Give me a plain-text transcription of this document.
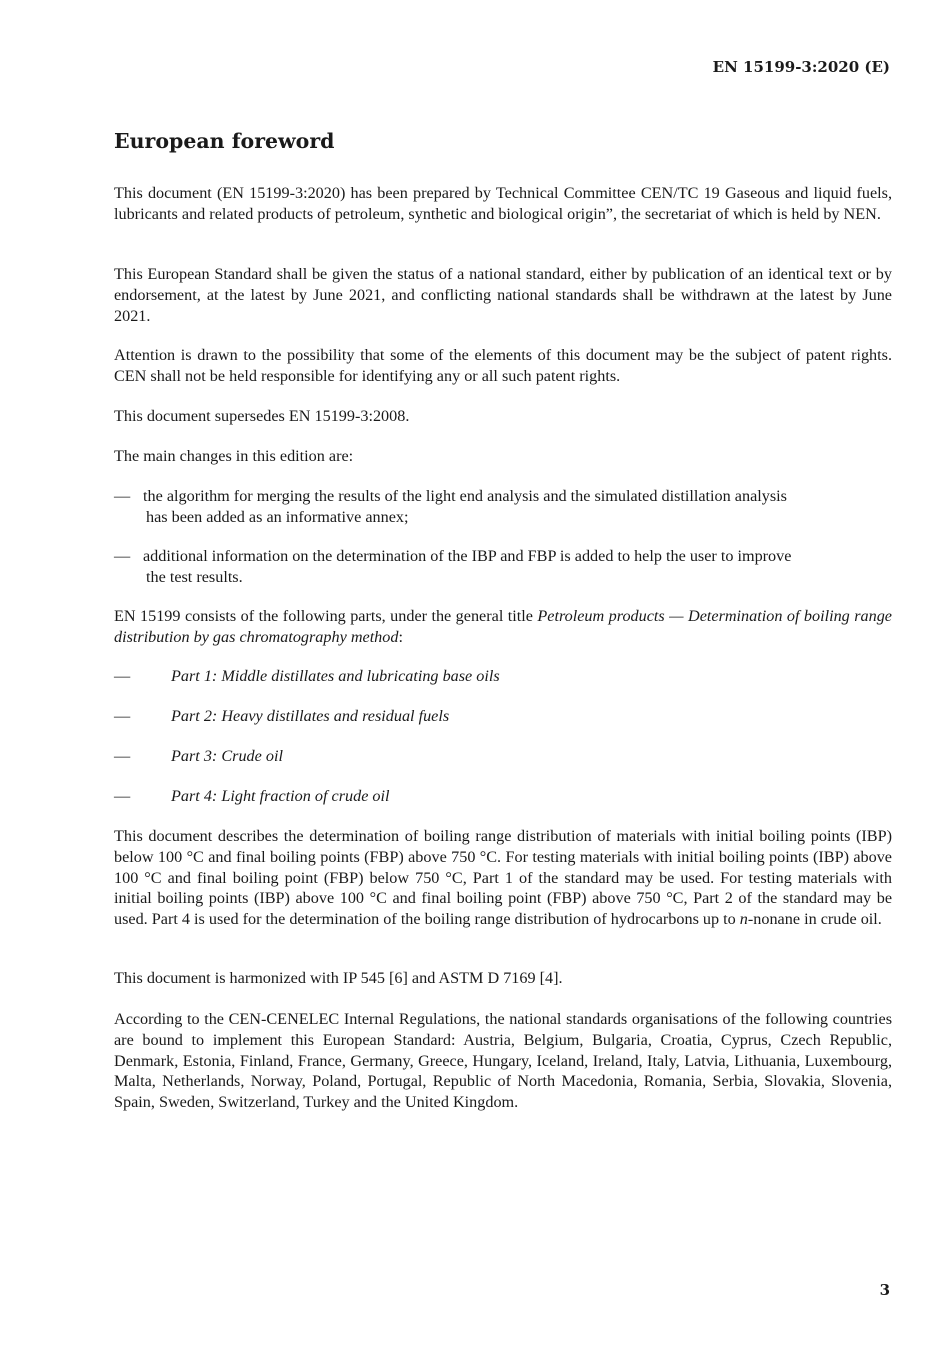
EN 15199-3:2020 (E)
European foreword

This document (EN 15199-3:2020) has been prepared by Technical Committee CEN/TC 19 Gaseous and liquid fuels, lubricants and related products of petroleum, synthetic and biological origin”, the secretariat of which is held by NEN.

This European Standard shall be given the status of a national standard, either by publication of an identical text or by endorsement, at the latest by June 2021, and conflicting national standards shall be withdrawn at the latest by June 2021.

Attention is drawn to the possibility that some of the elements of this document may be the subject of patent rights. CEN shall not be held responsible for identifying any or all such patent rights.

This document supersedes EN 15199-3:2008.

The main changes in this edition are:

— the algorithm for merging the results of the light end analysis and the simulated distillation analysis
has been added as an informative annex;
— additional information on the determination of the IBP and FBP is added to help the user to improve
the test results.

EN 15199 consists of the following parts, under the general title Petroleum products — Determination of boiling range distribution by gas chromatography method:

—	Part 1: Middle distillates and lubricating base oils
—	Part 2: Heavy distillates and residual fuels
—	Part 3: Crude oil
—	Part 4: Light fraction of crude oil

This document describes the determination of boiling range distribution of materials with initial boiling points (IBP) below 100 °C and final boiling points (FBP) above 750 °C. For testing materials with initial boiling points (IBP) above 100 °C and final boiling point (FBP) below 750 °C, Part 1 of the standard may be used. For testing materials with initial boiling points (IBP) above 100 °C and final boiling point (FBP) above 750 °C, Part 2 of the standard may be used. Part 4 is used for the determination of the boiling range distribution of hydrocarbons up to n-nonane in crude oil.

This document is harmonized with IP 545 [6] and ASTM D 7169 [4].

According to the CEN-CENELEC Internal Regulations, the national standards organisations of the following countries are bound to implement this European Standard: Austria, Belgium, Bulgaria, Croatia, Cyprus, Czech Republic, Denmark, Estonia, Finland, France, Germany, Greece, Hungary, Iceland, Ireland, Italy, Latvia, Lithuania, Luxembourg, Malta, Netherlands, Norway, Poland, Portugal, Republic of North Macedonia, Romania, Serbia, Slovakia, Slovenia, Spain, Sweden, Switzerland, Turkey and the United Kingdom.

3
